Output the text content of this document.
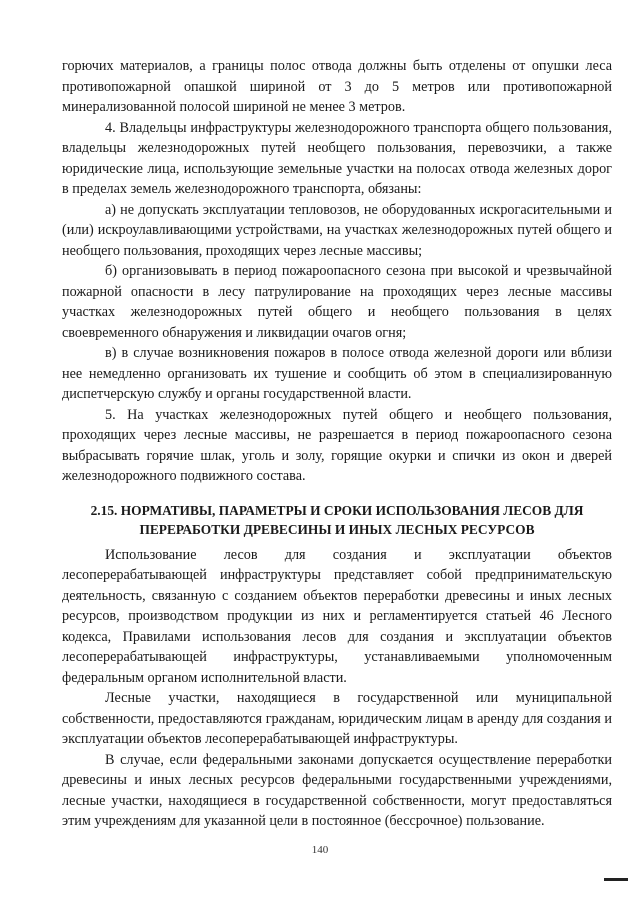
горючих материалов, а границы полос отвода должны быть отделены от опушки леса противопожарной опашкой шириной от 3 до 5 метров или противопожарной минерализованной полосой шириной не менее 3 метров.

4. Владельцы инфраструктуры железнодорожного транспорта общего пользования, владельцы железнодорожных путей необщего пользования, перевозчики, а также юридические лица, использующие земельные участки на полосах отвода железных дорог в пределах земель железнодорожного транспорта, обязаны:

а) не допускать эксплуатации тепловозов, не оборудованных искрогасительными и (или) искроулавливающими устройствами, на участках железнодорожных путей общего и необщего пользования, проходящих через лесные массивы;

б) организовывать в период пожароопасного сезона при высокой и чрезвычайной пожарной опасности в лесу патрулирование на проходящих через лесные массивы участках железнодорожных путей общего и необщего пользования в целях своевременного обнаружения и ликвидации очагов огня;

в) в случае возникновения пожаров в полосе отвода железной дороги или вблизи нее немедленно организовать их тушение и сообщить об этом в специализированную диспетчерскую службу и органы государственной власти.

5. На участках железнодорожных путей общего и необщего пользования, проходящих через лесные массивы, не разрешается в период пожароопасного сезона выбрасывать горячие шлак, уголь и золу, горящие окурки и спички из окон и дверей железнодорожного подвижного состава.

2.15. НОРМАТИВЫ, ПАРАМЕТРЫ И СРОКИ ИСПОЛЬЗОВАНИЯ ЛЕСОВ ДЛЯ
ПЕРЕРАБОТКИ ДРЕВЕСИНЫ И ИНЫХ ЛЕСНЫХ РЕСУРСОВ

Использование лесов для создания и эксплуатации объектов лесоперерабатывающей инфраструктуры представляет собой предпринимательскую деятельность, связанную с созданием объектов переработки древесины и иных лесных ресурсов, производством продукции из них и регламентируется статьей 46 Лесного кодекса, Правилами использования лесов для создания и эксплуатации объектов лесоперерабатывающей инфраструктуры, устанавливаемыми уполномоченным федеральным органом исполнительной власти.

Лесные участки, находящиеся в государственной или муниципальной собственности, предоставляются гражданам, юридическим лицам в аренду для создания и эксплуатации объектов лесоперерабатывающей инфраструктуры.

В случае, если федеральными законами допускается осуществление переработки древесины и иных лесных ресурсов федеральными государственными учреждениями, лесные участки, находящиеся в государственной собственности, могут предоставляться этим учреждениям для указанной цели в постоянное (бессрочное) пользование.

140
